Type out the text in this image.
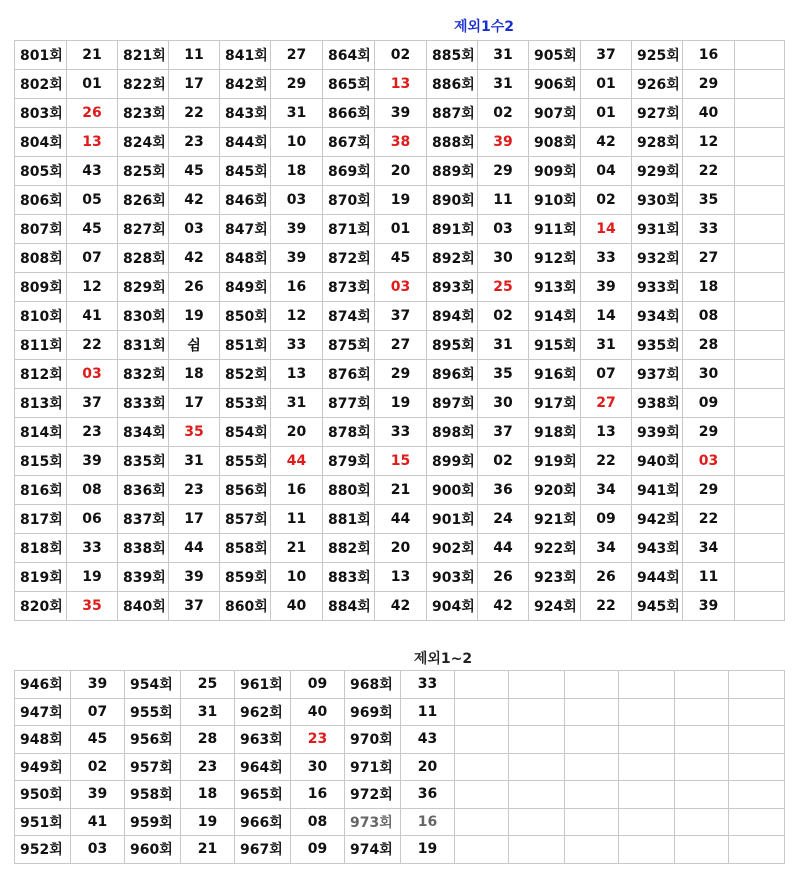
제외1수2
801회	21	821회	11	841회	27	864회	02	885회	31	905회	37	925회	16	
802회	01	822회	17	842회	29	865회	13	886회	31	906회	01	926회	29	
803회	26	823회	22	843회	31	866회	39	887회	02	907회	01	927회	40	
804회	13	824회	23	844회	10	867회	38	888회	39	908회	42	928회	12	
805회	43	825회	45	845회	18	869회	20	889회	29	909회	04	929회	22	
806회	05	826회	42	846회	03	870회	19	890회	11	910회	02	930회	35	
807회	45	827회	03	847회	39	871회	01	891회	03	911회	14	931회	33	
808회	07	828회	42	848회	39	872회	45	892회	30	912회	33	932회	27	
809회	12	829회	26	849회	16	873회	03	893회	25	913회	39	933회	18	
810회	41	830회	19	850회	12	874회	37	894회	02	914회	14	934회	08	
811회	22	831회	쉼	851회	33	875회	27	895회	31	915회	31	935회	28	
812회	03	832회	18	852회	13	876회	29	896회	35	916회	07	937회	30	
813회	37	833회	17	853회	31	877회	19	897회	30	917회	27	938회	09	
814회	23	834회	35	854회	20	878회	33	898회	37	918회	13	939회	29	
815회	39	835회	31	855회	44	879회	15	899회	02	919회	22	940회	03	
816회	08	836회	23	856회	16	880회	21	900회	36	920회	34	941회	29	
817회	06	837회	17	857회	11	881회	44	901회	24	921회	09	942회	22	
818회	33	838회	44	858회	21	882회	20	902회	44	922회	34	943회	34	
819회	19	839회	39	859회	10	883회	13	903회	26	923회	26	944회	11	
820회	35	840회	37	860회	40	884회	42	904회	42	924회	22	945회	39	
제외1~2
946회	39	954회	25	961회	09	968회	33						
947회	07	955회	31	962회	40	969회	11						
948회	45	956회	28	963회	23	970회	43						
949회	02	957회	23	964회	30	971회	20						
950회	39	958회	18	965회	16	972회	36						
951회	41	959회	19	966회	08	973회	16						
952회	03	960회	21	967회	09	974회	19						
